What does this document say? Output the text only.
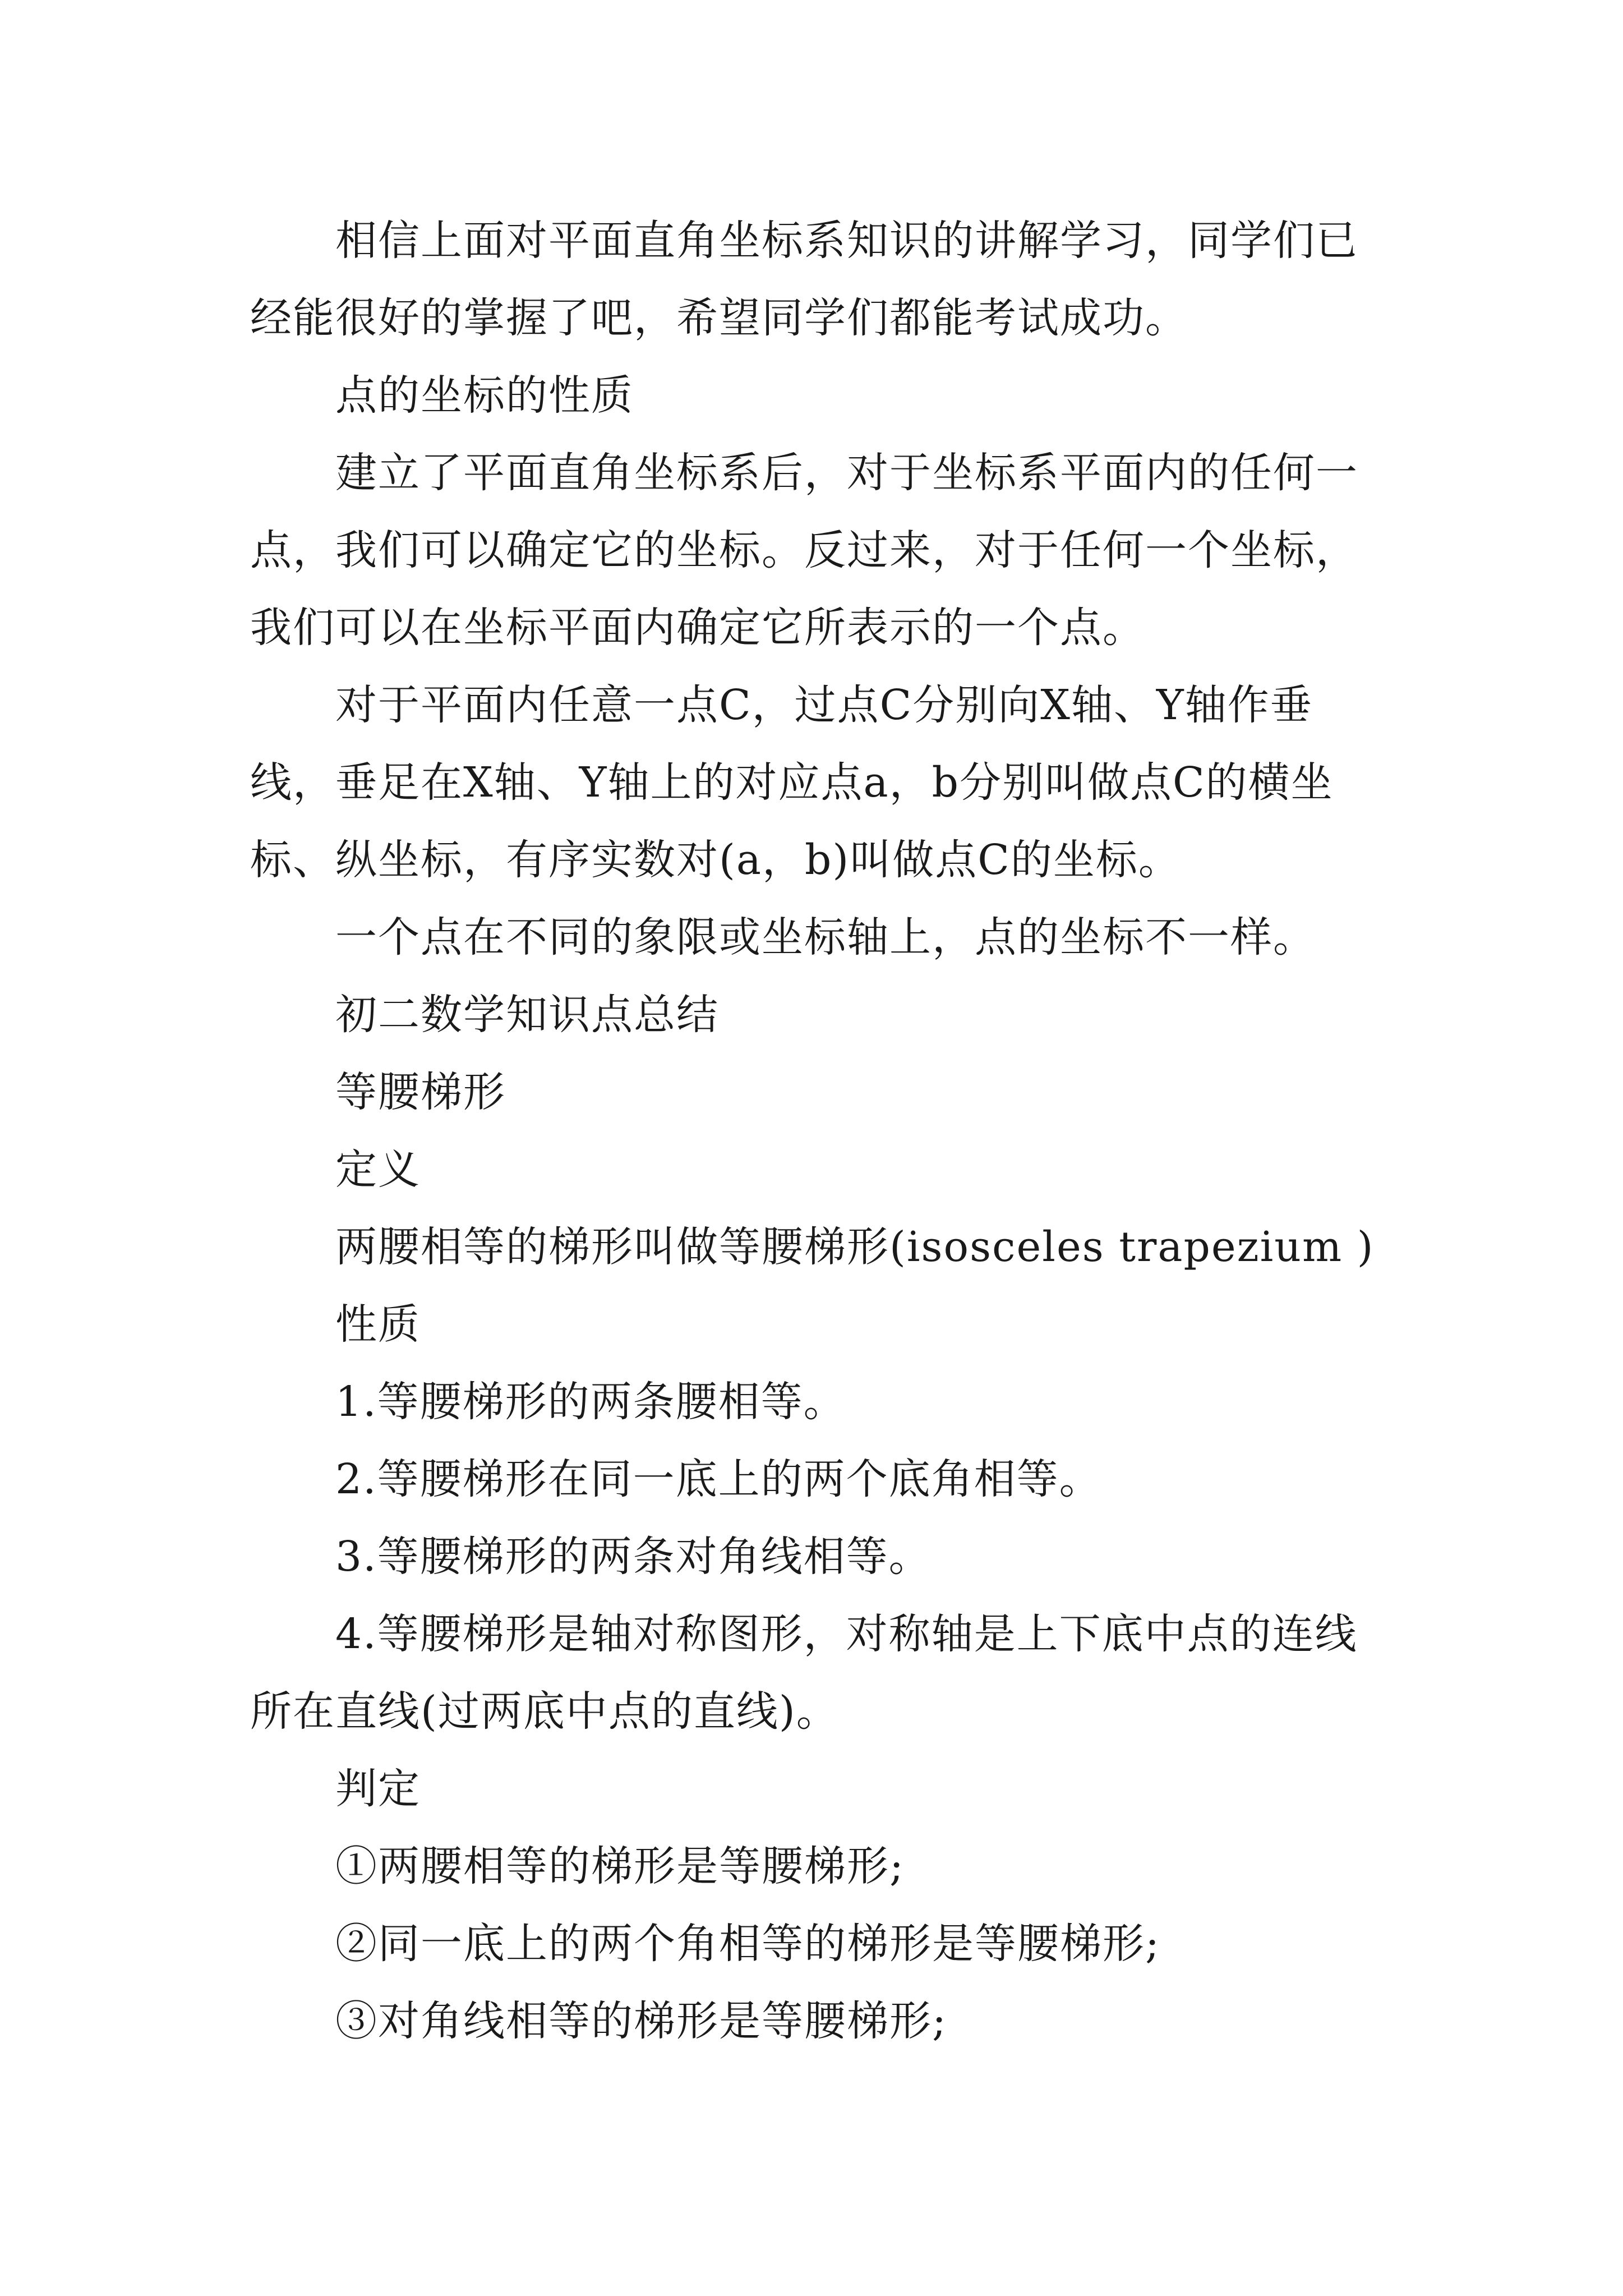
相信上面对平面直角坐标系知识的讲解学习，同学们已经能很好的掌握了吧，希望同学们都能考试成功。

点的坐标的性质

建立了平面直角坐标系后，对于坐标系平面内的任何一点，我们可以确定它的坐标。反过来，对于任何一个坐标，我们可以在坐标平面内确定它所表示的一个点。

对于平面内任意一点C，过点C分别向X轴、Y轴作垂线，垂足在X轴、Y轴上的对应点a，b分别叫做点C的横坐标、纵坐标，有序实数对(a，b)叫做点C的坐标。

一个点在不同的象限或坐标轴上，点的坐标不一样。

初二数学知识点总结

等腰梯形

定义

两腰相等的梯形叫做等腰梯形(isosceles trapezium )

性质

1.等腰梯形的两条腰相等。

2.等腰梯形在同一底上的两个底角相等。

3.等腰梯形的两条对角线相等。

4.等腰梯形是轴对称图形，对称轴是上下底中点的连线所在直线(过两底中点的直线)。

判定

①两腰相等的梯形是等腰梯形;

②同一底上的两个角相等的梯形是等腰梯形;

③对角线相等的梯形是等腰梯形;
